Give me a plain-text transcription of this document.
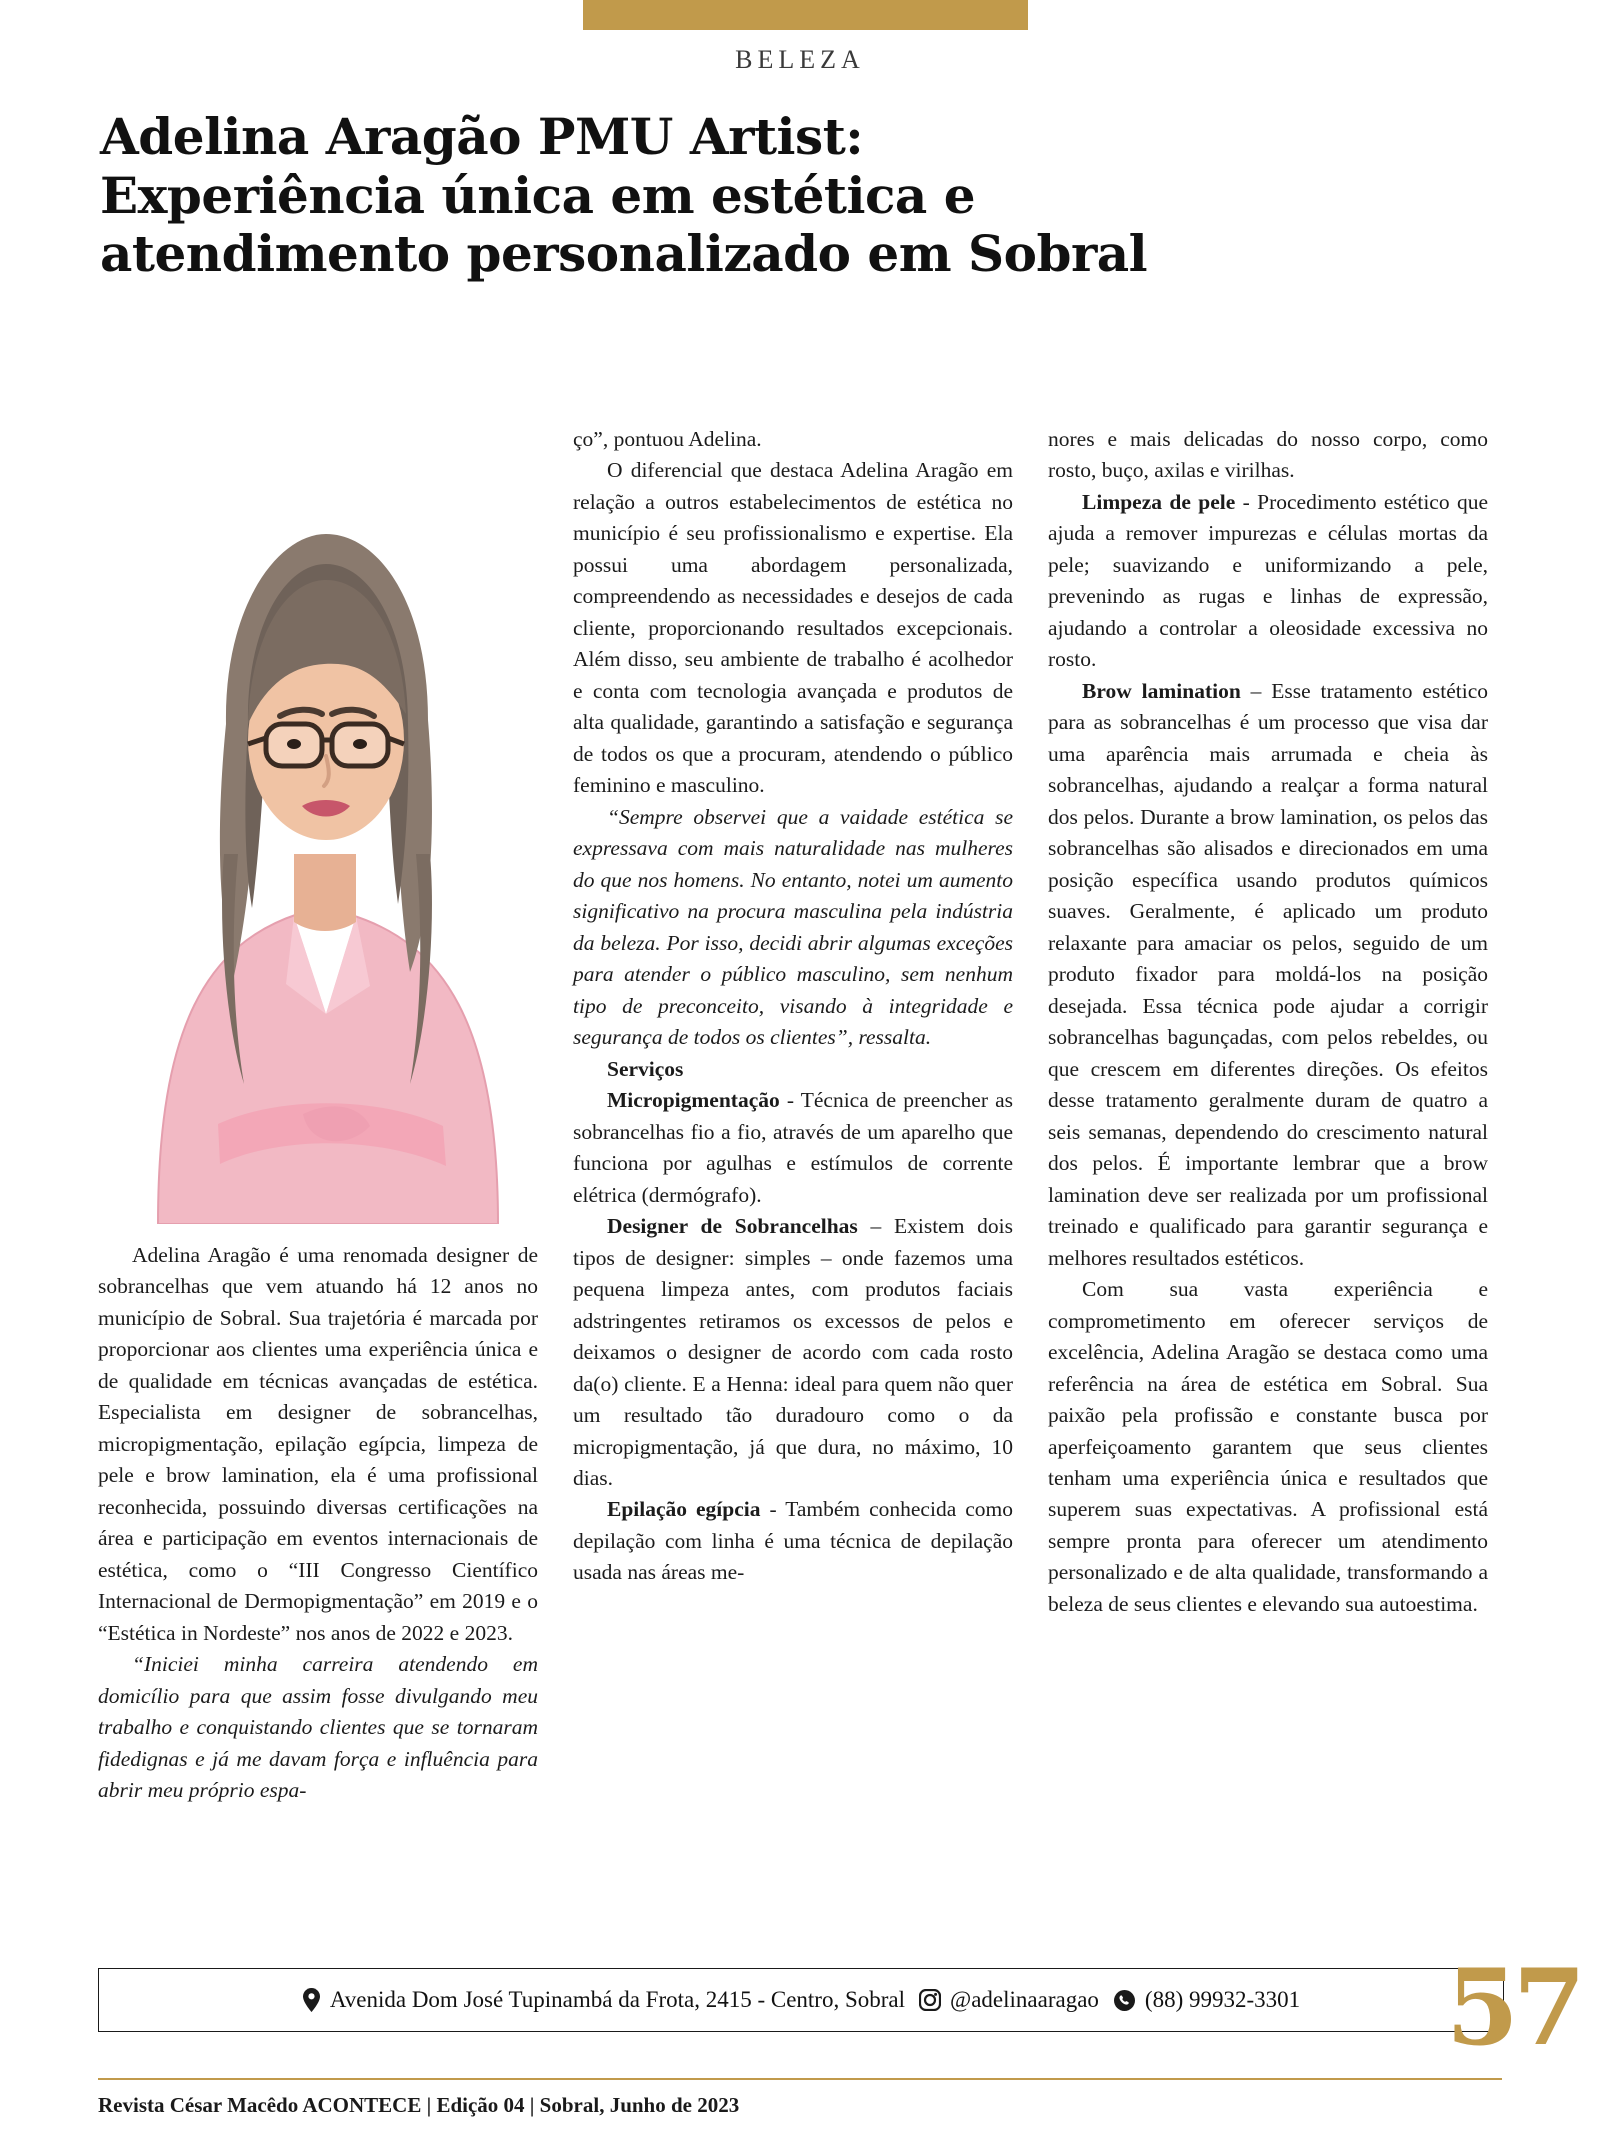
BELEZA
Adelina Aragão PMU Artist:
Experiência única em estética e
atendimento personalizado em Sobral

Adelina Aragão é uma renomada designer de sobrancelhas que vem atuando há 12 anos no município de Sobral. Sua trajetória é marcada por proporcionar aos clientes uma experiência única e de qualidade em técnicas avançadas de estética. Especialista em designer de sobrancelhas, micropigmentação, epilação egípcia, limpeza de pele e brow lamination, ela é uma profissional reconhecida, possuindo diversas certificações na área e participação em eventos internacionais de estética, como o “III Congresso Científico Internacional de Dermopigmentação” em 2019 e o “Estética in Nordeste” nos anos de 2022 e 2023.

“Iniciei minha carreira atendendo em domicílio para que assim fosse divulgando meu trabalho e conquistando clientes que se tornaram fidedignas e já me davam força e influência para abrir meu próprio espa-

ço”, pontuou Adelina.

O diferencial que destaca Adelina Aragão em relação a outros estabelecimentos de estética no município é seu profissionalismo e expertise. Ela possui uma abordagem personalizada, compreendendo as necessidades e desejos de cada cliente, proporcionando resultados excepcionais. Além disso, seu ambiente de trabalho é acolhedor e conta com tecnologia avançada e produtos de alta qualidade, garantindo a satisfação e segurança de todos os que a procuram, atendendo o público feminino e masculino.

“Sempre observei que a vaidade estética se expressava com mais naturalidade nas mulheres do que nos homens. No entanto, notei um aumento significativo na procura masculina pela indústria da beleza. Por isso, decidi abrir algumas exceções para atender o público masculino, sem nenhum tipo de preconceito, visando à integridade e segurança de todos os clientes”, ressalta.

Serviços

Micropigmentação - Técnica de preencher as sobrancelhas fio a fio, através de um aparelho que funciona por agulhas e estímulos de corrente elétrica (dermógrafo).

Designer de Sobrancelhas – Existem dois tipos de designer: simples – onde fazemos uma pequena limpeza antes, com produtos faciais adstringentes retiramos os excessos de pelos e deixamos o designer de acordo com cada rosto da(o) cliente. E a Henna: ideal para quem não quer um resultado tão duradouro como o da micropigmentação, já que dura, no máximo, 10 dias.

Epilação egípcia - Também conhecida como depilação com linha é uma técnica de depilação usada nas áreas me-

nores e mais delicadas do nosso corpo, como rosto, buço, axilas e virilhas.

Limpeza de pele - Procedimento estético que ajuda a remover impurezas e células mortas da pele; suavizando e uniformizando a pele, prevenindo as rugas e linhas de expressão, ajudando a controlar a oleosidade excessiva no rosto.

Brow lamination – Esse tratamento estético para as sobrancelhas é um processo que visa dar uma aparência mais arrumada e cheia às sobrancelhas, ajudando a realçar a forma natural dos pelos. Durante a brow lamination, os pelos das sobrancelhas são alisados e direcionados em uma posição específica usando produtos químicos suaves. Geralmente, é aplicado um produto relaxante para amaciar os pelos, seguido de um produto fixador para moldá-los na posição desejada. Essa técnica pode ajudar a corrigir sobrancelhas bagunçadas, com pelos rebeldes, ou que crescem em diferentes direções. Os efeitos desse tratamento geralmente duram de quatro a seis semanas, dependendo do crescimento natural dos pelos. É importante lembrar que a brow lamination deve ser realizada por um profissional treinado e qualificado para garantir segurança e melhores resultados estéticos.

Com sua vasta experiência e comprometimento em oferecer serviços de excelência, Adelina Aragão se destaca como uma referência na área de estética em Sobral. Sua paixão pela profissão e constante busca por aperfeiçoamento garantem que seus clientes tenham uma experiência única e resultados que superem suas expectativas. A profissional está sempre pronta para oferecer um atendimento personalizado e de alta qualidade, transformando a beleza de seus clientes e elevando sua autoestima.

Avenida Dom José Tupinambá da Frota, 2415 - Centro, Sobral @adelinaaragao (88) 99932-3301 57
Revista César Macêdo ACONTECE | Edição 04 | Sobral, Junho de 2023
